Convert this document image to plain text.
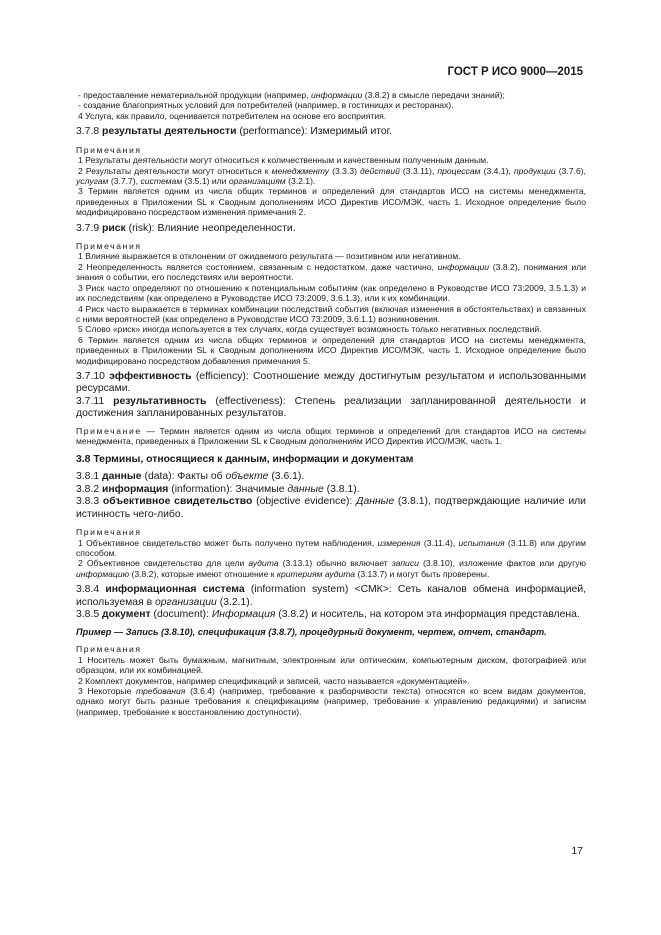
ГОСТ Р ИСО 9000—2015

- предоставление нематериальной продукции (например, информации (3.8.2) в смысле передачи знаний);

- создание благоприятных условий для потребителей (например, в гостиницах и ресторанах).

4 Услуга, как правило, оценивается потребителем на основе его восприятия.

3.7.8 результаты деятельности (performance): Измеримый итог.

Примечания

1 Результаты деятельности могут относиться к количественным и качественным полученным данным.

2 Результаты деятельности могут относиться к менеджменту (3.3.3) действий (3.3.11), процессам (3.4.1), продукции (3.7.6), услугам (3.7.7), системам (3.5.1) или организациям (3.2.1).

3 Термин является одним из числа общих терминов и определений для стандартов ИСО на системы менеджмента, приведенных в Приложении SL к Сводным дополнениям ИСО Директив ИСО/МЭК, часть 1. Исходное определение было модифицировано посредством изменения примечания 2.

3.7.9 риск (risk): Влияние неопределенности.

Примечания

1 Влияние выражается в отклонении от ожидаемого результата — позитивном или негативном.

2 Неопределенность является состоянием, связанным с недостатком, даже частично, информации (3.8.2), понимания или знания о событии, его последствиях или вероятности.

3 Риск часто определяют по отношению к потенциальным событиям (как определено в Руководстве ИСО 73:2009, 3.5.1.3) и их последствиям (как определено в Руководстве ИСО 73:2009, 3.6.1.3), или к их комбинации.

4 Риск часто выражается в терминах комбинации последствий события (включая изменения в обстоятельствах) и связанных с ними вероятностей (как определено в Руководстве ИСО 73:2009, 3.6.1.1) возникновения.

5 Слово «риск» иногда используется в тех случаях, когда существует возможность только негативных последствий.

6 Термин является одним из числа общих терминов и определений для стандартов ИСО на системы менеджмента, приведенных в Приложении SL к Сводным дополнениям ИСО Директив ИСО/МЭК, часть 1. Исходное определение было модифицировано посредством добавления примечания 5.

3.7.10 эффективность (efficiency): Соотношение между достигнутым результатом и использованными ресурсами.

3.7.11 результативность (effectiveness): Степень реализации запланированной деятельности и достижения запланированных результатов.

Примечание — Термин является одним из числа общих терминов и определений для стандартов ИСО на системы менеджмента, приведенных в Приложении SL к Сводным дополнениям ИСО Директив ИСО/МЭК, часть 1.

3.8 Термины, относящиеся к данным, информации и документам

3.8.1 данные (data): Факты об объекте (3.6.1).

3.8.2 информация (information): Значимые данные (3.8.1).

3.8.3 объективное свидетельство (objective evidence): Данные (3.8.1), подтверждающие наличие или истинность чего-либо.

Примечания

1 Объективное свидетельство может быть получено путем наблюдения, измерения (3.11.4), испытания (3.11.8) или другим способом.

2 Объективное свидетельство для цели аудита (3.13.1) обычно включает записи (3.8.10), изложение фактов или другую информацию (3.8.2), которые имеют отношение к критериям аудита (3.13.7) и могут быть проверены.

3.8.4 информационная система (information system) <СМК>: Сеть каналов обмена информацией, используемая в организации (3.2.1).

3.8.5 документ (document): Информация (3.8.2) и носитель, на котором эта информация представлена.

Пример — Запись (3.8.10), спецификация (3.8.7), процедурный документ, чертеж, отчет, стандарт.

Примечания

1 Носитель может быть бумажным, магнитным, электронным или оптическим, компьютерным диском, фотографией или образцом, или их комбинацией.

2 Комплект документов, например спецификаций и записей, часто называется «документацией».

3 Некоторые требования (3.6.4) (например, требование к разборчивости текста) относятся ко всем видам документов, однако могут быть разные требования к спецификациям (например, требование к управлению редакциями) и записям (например, требование к восстановлению доступности).

17
